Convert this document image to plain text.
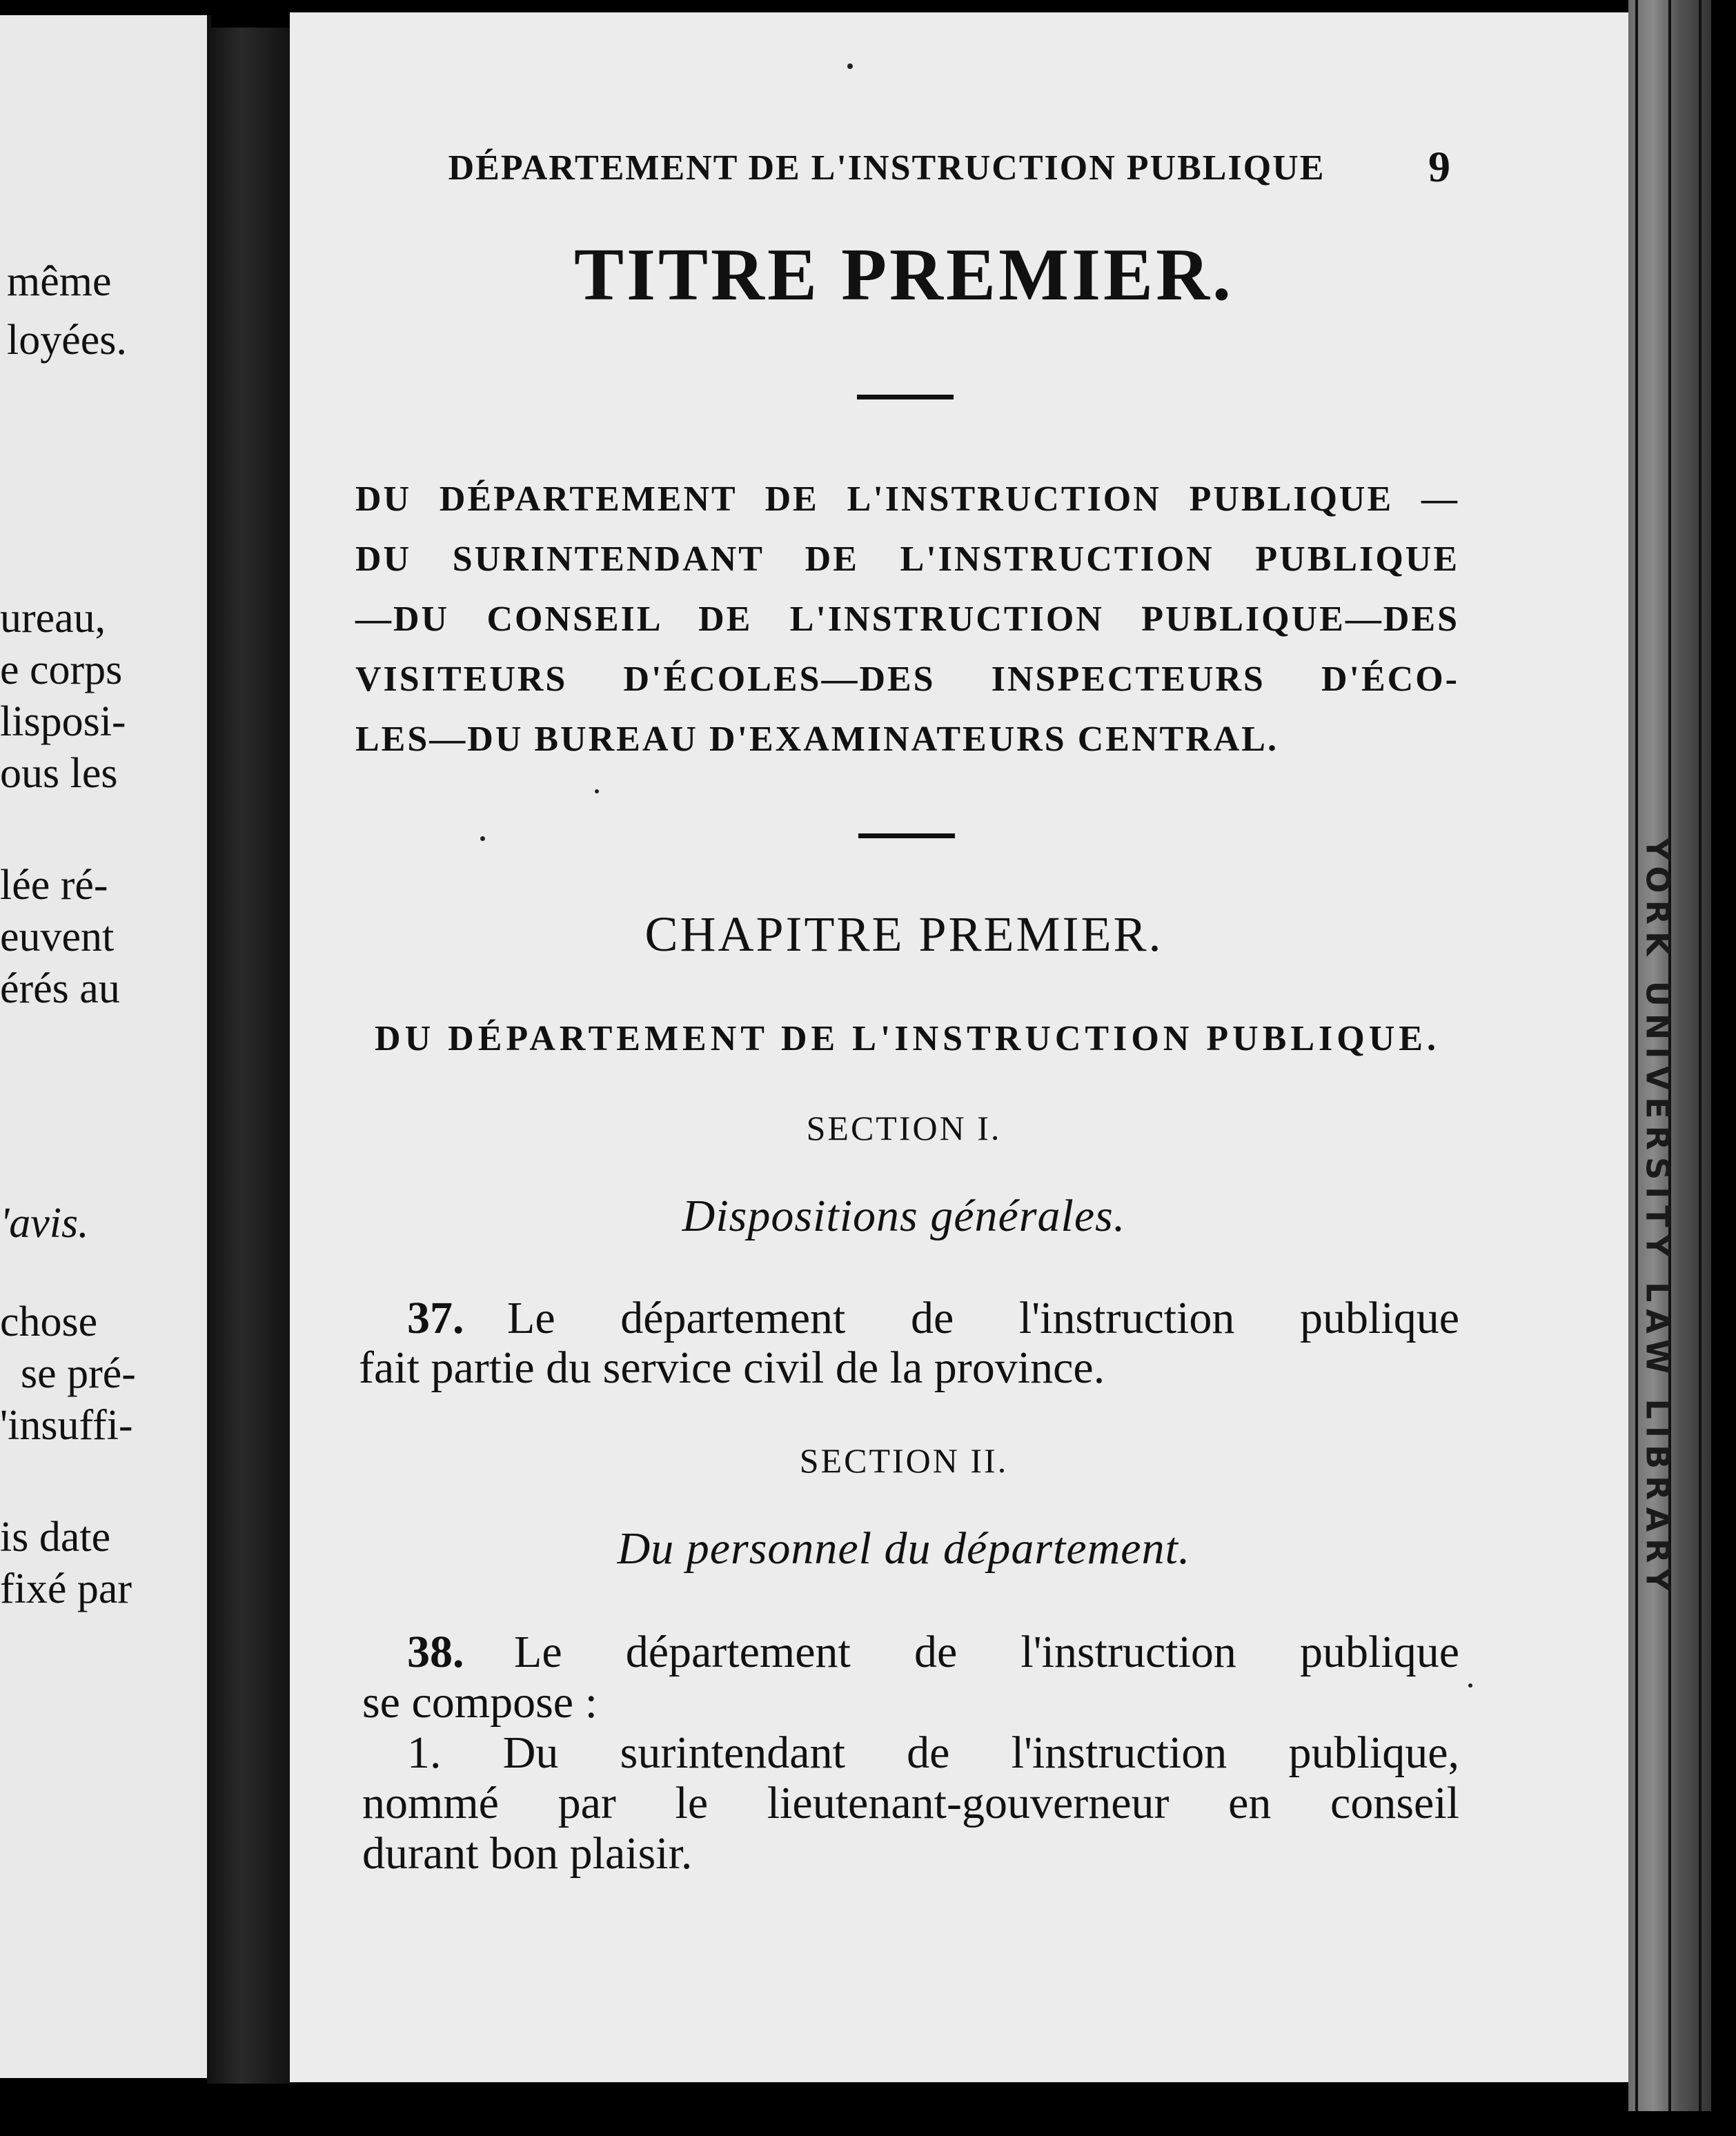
même
loyées.
ureau,
e corps
lisposi-
ous les
lée ré-
euvent
érés au
'avis.
chose
se pré-
'insuffi-
is date
fixé par	YORK UNIVERSITY LAW LIBRARY
DÉPARTEMENT DE L'INSTRUCTION PUBLIQUE	9
TITRE PREMIER.
DU DÉPARTEMENT DE L'INSTRUCTION PUBLIQUE —
DU SURINTENDANT DE L'INSTRUCTION PUBLIQUE
—DU CONSEIL DE L'INSTRUCTION PUBLIQUE—DES
VISITEURS D'ÉCOLES—DES INSPECTEURS D'ÉCO-
LES—DU BUREAU D'EXAMINATEURS CENTRAL.
CHAPITRE PREMIER.
DU DÉPARTEMENT DE L'INSTRUCTION PUBLIQUE.
SECTION I.
Dispositions générales.
37. Le département de l'instruction publique
fait partie du service civil de la province.
SECTION II.
Du personnel du département.
38. Le département de l'instruction publique
se compose :
1. Du surintendant de l'instruction publique,
nommé par le lieutenant-gouverneur en conseil
durant bon plaisir.
